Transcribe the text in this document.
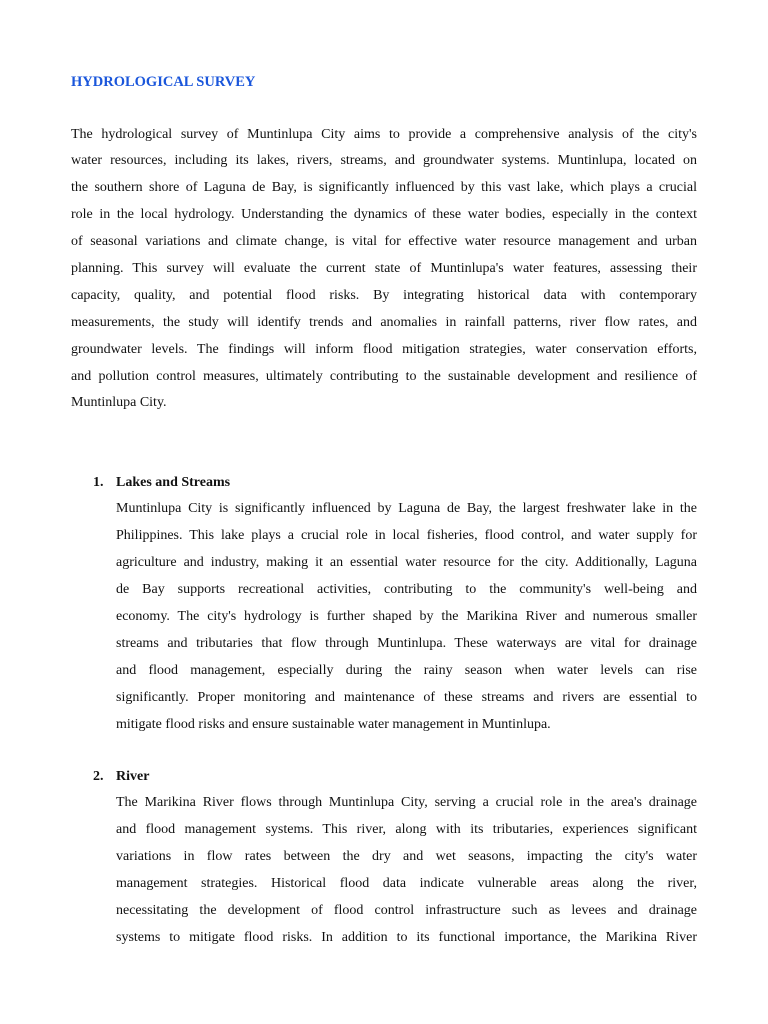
HYDROLOGICAL SURVEY
The hydrological survey of Muntinlupa City aims to provide a comprehensive analysis of the city's
water resources, including its lakes, rivers, streams, and groundwater systems. Muntinlupa, located on
the southern shore of Laguna de Bay, is significantly influenced by this vast lake, which plays a crucial
role in the local hydrology. Understanding the dynamics of these water bodies, especially in the context
of seasonal variations and climate change, is vital for effective water resource management and urban
planning. This survey will evaluate the current state of Muntinlupa's water features, assessing their
capacity, quality, and potential flood risks. By integrating historical data with contemporary
measurements, the study will identify trends and anomalies in rainfall patterns, river flow rates, and
groundwater levels. The findings will inform flood mitigation strategies, water conservation efforts,
and pollution control measures, ultimately contributing to the sustainable development and resilience of
Muntinlupa City.
1. Lakes and Streams
Muntinlupa City is significantly influenced by Laguna de Bay, the largest freshwater lake in the
Philippines. This lake plays a crucial role in local fisheries, flood control, and water supply for
agriculture and industry, making it an essential water resource for the city. Additionally, Laguna
de Bay supports recreational activities, contributing to the community's well-being and
economy. The city's hydrology is further shaped by the Marikina River and numerous smaller
streams and tributaries that flow through Muntinlupa. These waterways are vital for drainage
and flood management, especially during the rainy season when water levels can rise
significantly. Proper monitoring and maintenance of these streams and rivers are essential to
mitigate flood risks and ensure sustainable water management in Muntinlupa.
2. River
The Marikina River flows through Muntinlupa City, serving a crucial role in the area's drainage
and flood management systems. This river, along with its tributaries, experiences significant
variations in flow rates between the dry and wet seasons, impacting the city's water
management strategies. Historical flood data indicate vulnerable areas along the river,
necessitating the development of flood control infrastructure such as levees and drainage
systems to mitigate flood risks. In addition to its functional importance, the Marikina River
